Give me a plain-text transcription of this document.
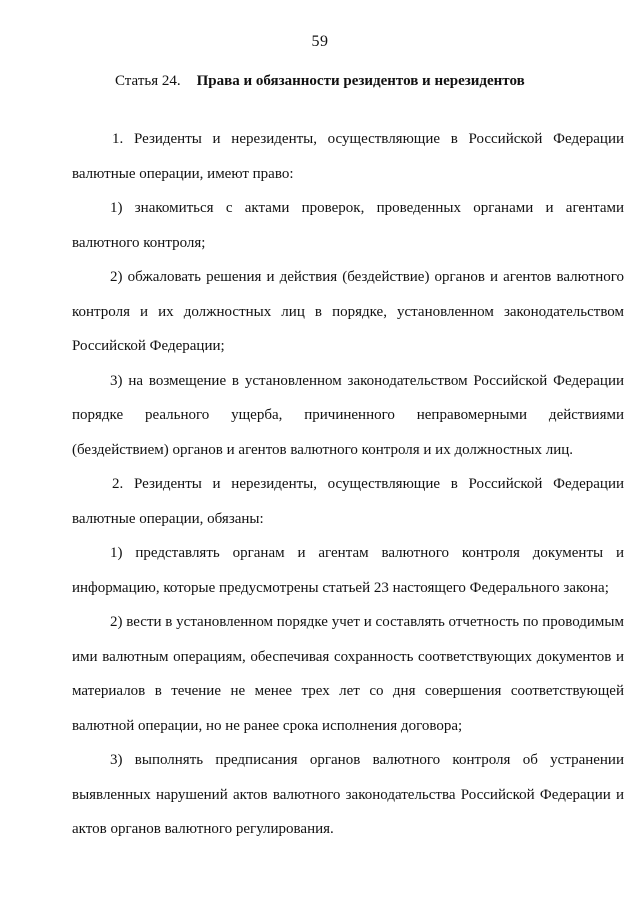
59
Статья 24. Права и обязанности резидентов и нерезидентов

1. Резиденты и нерезиденты, осуществляющие в Российской Федерации валютные операции, имеют право:

1) знакомиться с актами проверок, проведенных органами и агентами валютного контроля;

2) обжаловать решения и действия (бездействие) органов и агентов валютного контроля и их должностных лиц в порядке, установленном законодательством Российской Федерации;

3) на возмещение в установленном законодательством Российской Федерации порядке реального ущерба, причиненного неправомерными действиями (бездействием) органов и агентов валютного контроля и их должностных лиц.

2. Резиденты и нерезиденты, осуществляющие в Российской Федерации валютные операции, обязаны:

1) представлять органам и агентам валютного контроля документы и информацию, которые предусмотрены статьей 23 настоящего Федерального закона;

2) вести в установленном порядке учет и составлять отчетность по проводимым ими валютным операциям, обеспечивая сохранность соответствующих документов и материалов в течение не менее трех лет со дня совершения соответствующей валютной операции, но не ранее срока исполнения договора;

3) выполнять предписания органов валютного контроля об устранении выявленных нарушений актов валютного законодательства Российской Федерации и актов органов валютного регулирования.
